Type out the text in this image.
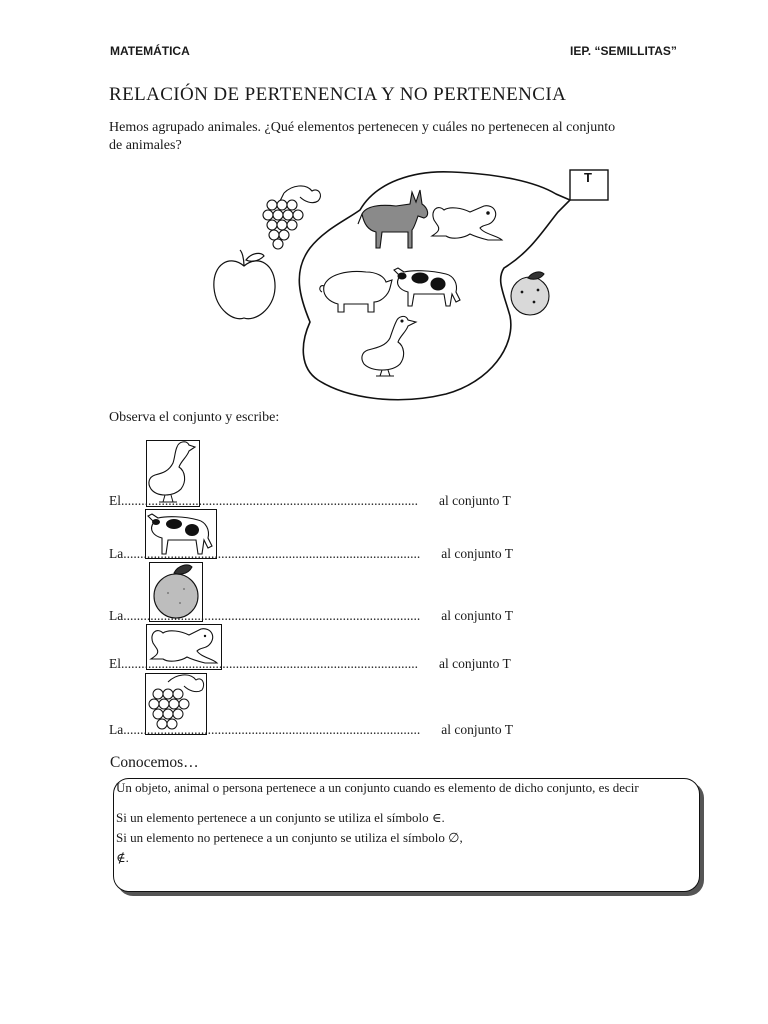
MATEMÁTICA	IEP. “SEMILLITAS”
RELACIÓN DE PERTENENCIA Y NO PERTENENCIA
Hemos agrupado animales. ¿Qué elementos pertenecen y cuáles no pertenecen al conjunto de animales?
T
Observa el conjunto y escribe:
El........................................................................................ al conjunto T
La........................................................................................ al conjunto T
La........................................................................................ al conjunto T
El........................................................................................ al conjunto T
La........................................................................................ al conjunto T
Conocemos…
Un objeto, animal o persona pertenece a un conjunto cuando es elemento de dicho conjunto, es decir
Si un elemento pertenece a un conjunto se utiliza el símbolo ∈.
Si un elemento no pertenece a un conjunto se utiliza el símbolo ∅,
∉.
